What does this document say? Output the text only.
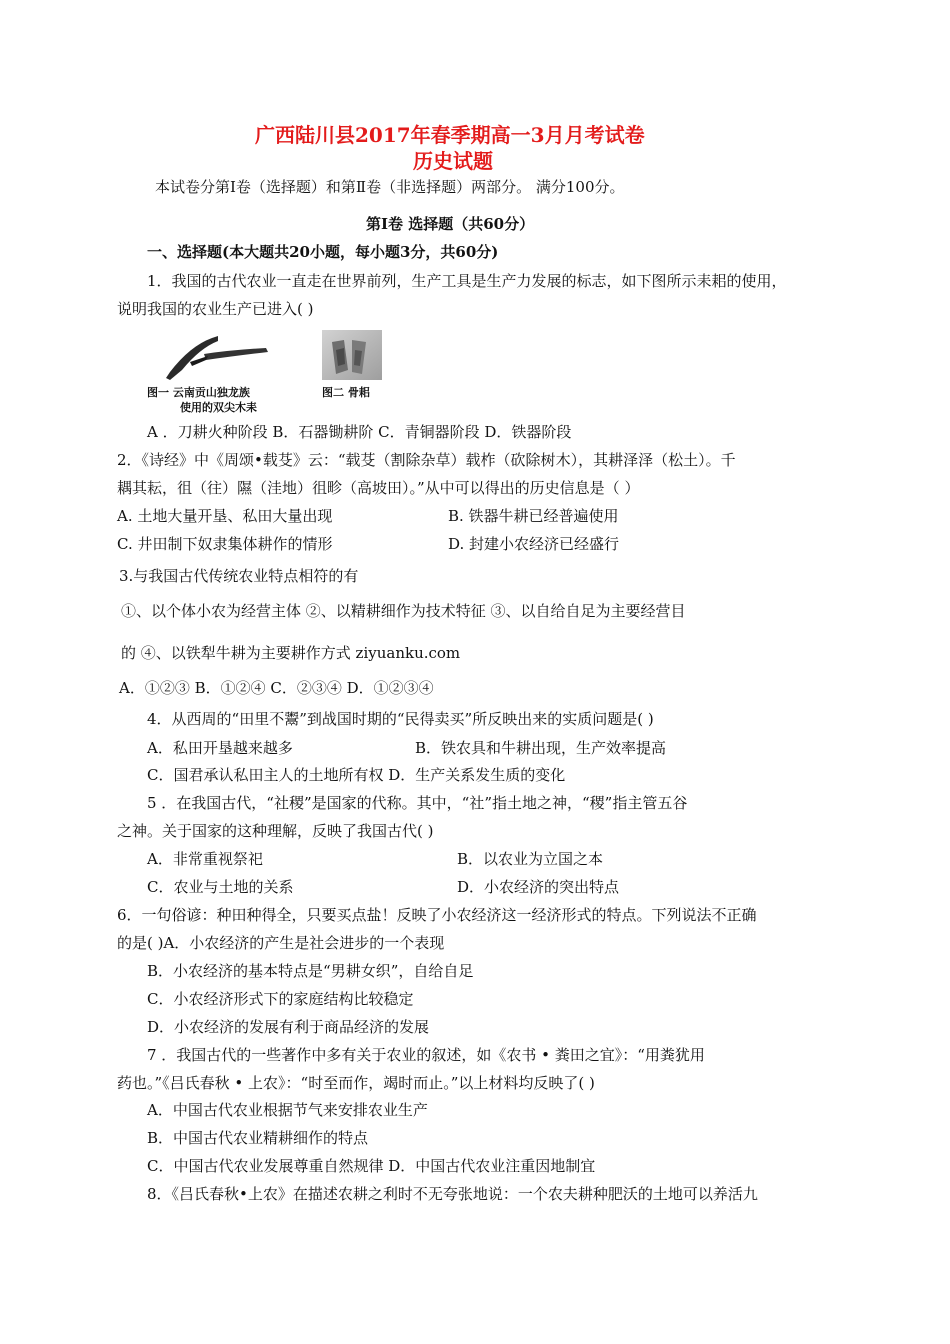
广西陆川县2017年春季期高一3月月考试卷
历史试题
本试卷分第Ⅰ卷（选择题）和第Ⅱ卷（非选择题）两部分。 满分100分。
第Ⅰ卷 选择题（共60分）
一、选择题(本大题共20小题，每小题3分，共60分)
1．我国的古代农业一直走在世界前列，生产工具是生产力发展的标志，如下图所示耒耜的使用，
说明我国的农业生产已进入( )
图一 云南贡山独龙族
使用的双尖木耒
图二 骨耜
A ．刀耕火种阶段 B．石器锄耕阶 C．青铜器阶段 D．铁器阶段
2．《诗经》中《周颂•载芟》云：“载芟（割除杂草）载柞（砍除树木），其耕泽泽（松土）。千
耦其耘，徂（往）隰（洼地）徂畛（高坡田）。”从中可以得出的历史信息是（ ）
A. 土地大量开垦、私田大量出现	B. 铁器牛耕已经普遍使用
C. 井田制下奴隶集体耕作的情形	D. 封建小农经济已经盛行
3.与我国古代传统农业特点相符的有
①、以个体小农为经营主体 ②、以精耕细作为技术特征 ③、以自给自足为主要经营目
的 ④、以铁犁牛耕为主要耕作方式 ziyuanku.com
A．①②③ B．①②④ C．②③④ D．①②③④
4．从西周的“田里不鬻”到战国时期的“民得卖买”所反映出来的实质问题是( )
A．私田开垦越来越多	B．铁农具和牛耕出现，生产效率提高
C．国君承认私田主人的土地所有权 D．生产关系发生质的变化
5 ．在我国古代，“社稷”是国家的代称。其中，“社”指土地之神，“稷”指主管五谷
之神。关于国家的这种理解，反映了我国古代( )
A．非常重视祭祀	B．以农业为立国之本
C．农业与土地的关系	D．小农经济的突出特点
6．一句俗谚：种田种得全，只要买点盐！反映了小农经济这一经济形式的特点。下列说法不正确
的是( )A．小农经济的产生是社会进步的一个表现
B．小农经济的基本特点是“男耕女织”，自给自足
C．小农经济形式下的家庭结构比较稳定
D．小农经济的发展有利于商品经济的发展
7 ．我国古代的一些著作中多有关于农业的叙述，如《农书 • 粪田之宜》：“用粪犹用
药也。”《吕氏春秋 • 上农》：“时至而作，竭时而止。”以上材料均反映了( )
A．中国古代农业根据节气来安排农业生产
B．中国古代农业精耕细作的特点
C．中国古代农业发展尊重自然规律 D．中国古代农业注重因地制宜
8．《吕氏春秋•上农》在描述农耕之利时不无夸张地说：一个农夫耕种肥沃的土地可以养活九
